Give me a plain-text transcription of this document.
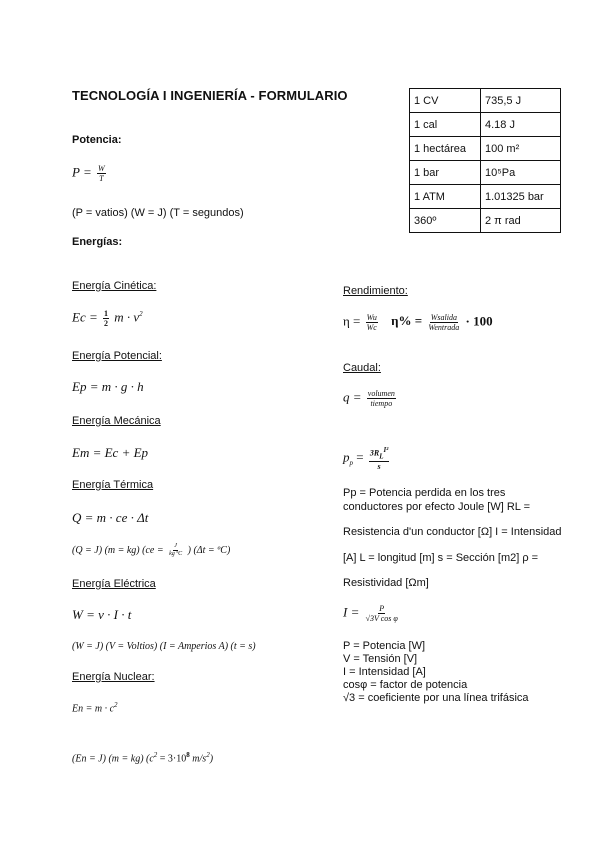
TECNOLOGÍA I INGENIERÍA - FORMULARIO	1 CV	735,5 J
1 cal	4.18 J
1 hectárea	100 m²
1 bar	10⁵Pa
1 ATM	1.01325 bar
360º	2 π rad
Potencia:
$P = \frac{W}{T}$
(P = vatios) (W = J) (T = segundos)
Energías:
Energía Cinética:
$Ec = \frac{1}{2}$ $m \cdot v^2$
Energía Potencial:
Ep = m · g · h
Energía Mecánica
Em = Ec + Ep
Energía Térmica
Q = m · ce · Δt
(Q = J) (m = kg) ($ce = \frac{J}{\text{kg ºC}}$ ) (Δt = ºC)
Energía Eléctrica
W = v · I · t
(W = J) (V = Voltios) (I = Amperios A) (t = s)
Energía Nuclear:
$En = m \cdot c^2$
(En = J) (m = kg) ($c^2 = 3\cdot 10^8$ $m/s^2$)
Rendimiento:
$\eta = \frac{Wu}{Wc} \eta\% = \frac{\text{Wsalida}}{\text{Wentrada}} \cdot 100$
Caudal:
$q = \frac{\text{volumen}}{\text{tiempo}}$
$p_p = \frac{3R_L^{I^2}}{s}$
Pp = Potencia perdida en los tres
conductores por efecto Joule [W] RL =
Resistencia d'un conductor [Ω] I = Intensidad
[A] L = longitud [m] s = Sección [m2] ρ =
Resistividad [Ωm]
$I = \frac{P}{\text{√3V cos φ}}$
P = Potencia [W]
V = Tensión [V]
I = Intensidad [A]
cosφ = factor de potencia
√3 = coeficiente por una línea trifásica
